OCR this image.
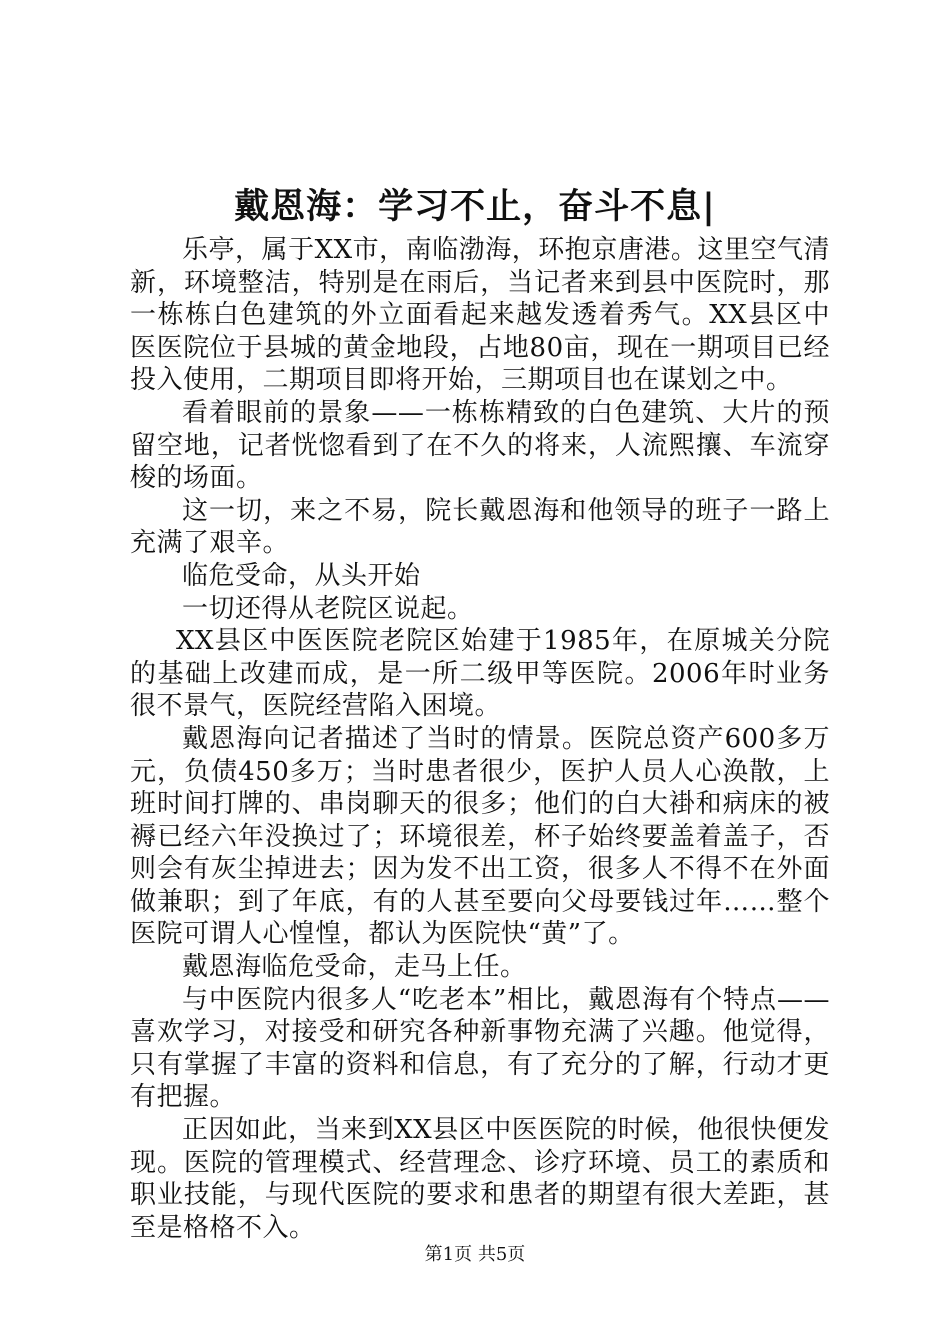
戴恩海：学习不止，奋斗不息|

乐亭，属于XX市，南临渤海，环抱京唐港。这里空气清新，环境整洁，特别是在雨后，当记者来到县中医院时，那一栋栋白色建筑的外立面看起来越发透着秀气。XX县区中医医院位于县城的黄金地段，占地80亩，现在一期项目已经投入使用，二期项目即将开始，三期项目也在谋划之中。

看着眼前的景象——一栋栋精致的白色建筑、大片的预留空地，记者恍惚看到了在不久的将来，人流熙攘、车流穿梭的场面。

这一切，来之不易，院长戴恩海和他领导的班子一路上充满了艰辛。

临危受命，从头开始

一切还得从老院区说起。

XX县区中医医院老院区始建于1985年，在原城关分院的基础上改建而成，是一所二级甲等医院。2006年时业务很不景气，医院经营陷入困境。

戴恩海向记者描述了当时的情景。医院总资产600多万元，负债450多万；当时患者很少，医护人员人心涣散，上班时间打牌的、串岗聊天的很多；他们的白大褂和病床的被褥已经六年没换过了；环境很差，杯子始终要盖着盖子，否则会有灰尘掉进去；因为发不出工资，很多人不得不在外面做兼职；到了年底，有的人甚至要向父母要钱过年……整个医院可谓人心惶惶，都认为医院快“黄”了。

戴恩海临危受命，走马上任。

与中医院内很多人“吃老本”相比，戴恩海有个特点——喜欢学习，对接受和研究各种新事物充满了兴趣。他觉得，只有掌握了丰富的资料和信息，有了充分的了解，行动才更有把握。

正因如此，当来到XX县区中医医院的时候，他很快便发现。医院的管理模式、经营理念、诊疗环境、员工的素质和职业技能，与现代医院的要求和患者的期望有很大差距，甚至是格格不入。

第1页 共5页
